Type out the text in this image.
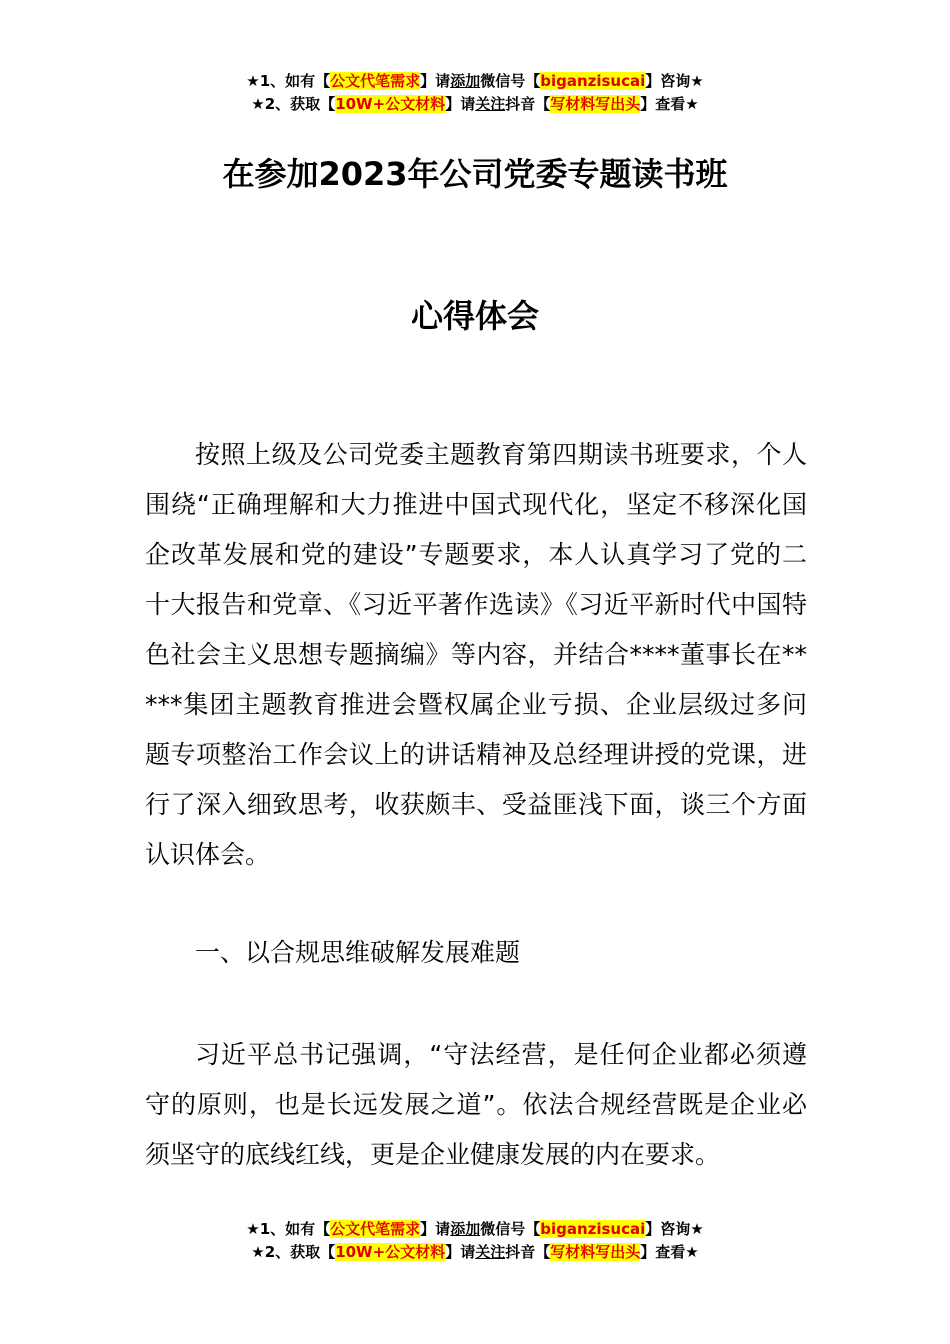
★1、如有【公文代笔需求】请添加微信号【biganzisucai】咨询★
★2、获取【10W+公文材料】请关注抖音【写材料写出头】查看★
在参加2023年公司党委专题读书班
心得体会

按照上级及公司党委主题教育第四期读书班要求，个人围绕“正确理解和大力推进中国式现代化，坚定不移深化国企改革发展和党的建设”专题要求，本人认真学习了党的二十大报告和党章、《习近平著作选读》《习近平新时代中国特色社会主义思想专题摘编》等内容，并结合****董事长在*****集团主题教育推进会暨权属企业亏损、企业层级过多问题专项整治工作会议上的讲话精神及总经理讲授的党课，进行了深入细致思考，收获颇丰、受益匪浅下面，谈三个方面认识体会。

一、以合规思维破解发展难题

习近平总书记强调，“守法经营，是任何企业都必须遵守的原则，也是长远发展之道”。依法合规经营既是企业必须坚守的底线红线，更是企业健康发展的内在要求。

★1、如有【公文代笔需求】请添加微信号【biganzisucai】咨询★
★2、获取【10W+公文材料】请关注抖音【写材料写出头】查看★
